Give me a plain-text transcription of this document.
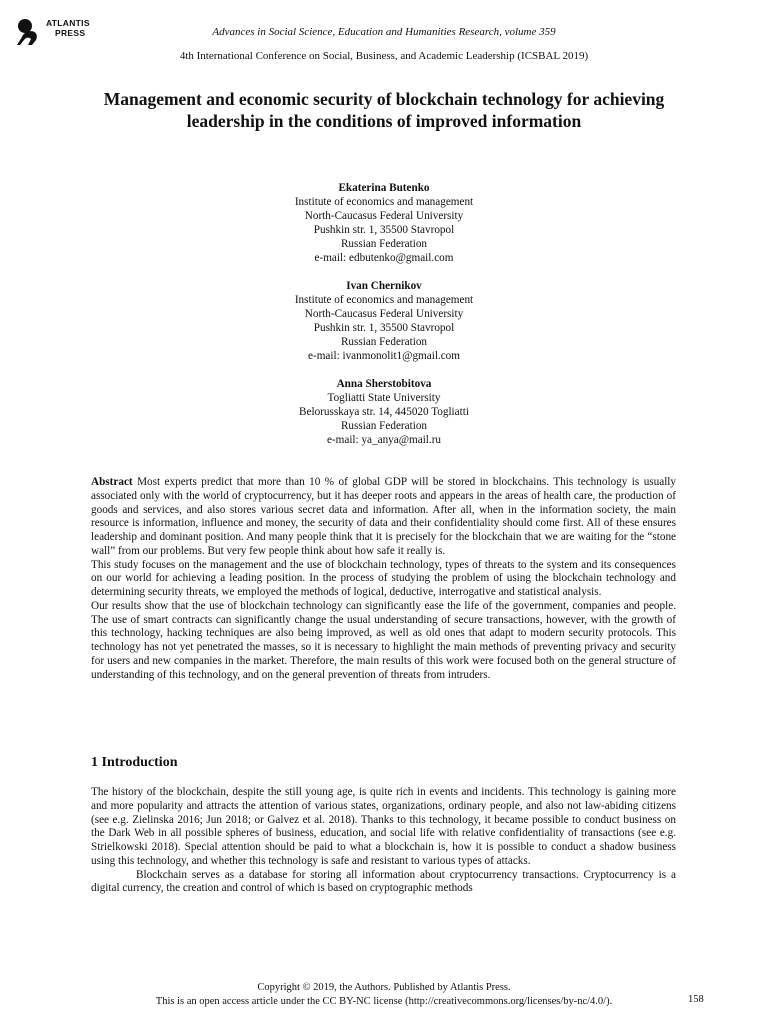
ATLANTIS
PRESS	Advances in Social Science, Education and Humanities Research, volume 359
4th International Conference on Social, Business, and Academic Leadership (ICSBAL 2019)
Management and economic security of blockchain technology for achieving leadership in the conditions of improved information
Ekaterina Butenko
Institute of economics and management
North-Caucasus Federal University
Pushkin str. 1, 35500 Stavropol
Russian Federation
e-mail: edbutenko@gmail.com
Ivan Chernikov
Institute of economics and management
North-Caucasus Federal University
Pushkin str. 1, 35500 Stavropol
Russian Federation
e-mail: ivanmonolit1@gmail.com
Anna Sherstobitova
Togliatti State University
Belorusskaya str. 14, 445020 Togliatti
Russian Federation
e-mail: ya_anya@mail.ru

Abstract Most experts predict that more than 10 % of global GDP will be stored in blockchains. This technology is usually associated only with the world of cryptocurrency, but it has deeper roots and appears in the areas of health care, the production of goods and services, and also stores various secret data and information. After all, when in the information society, the main resource is information, influence and money, the security of data and their confidentiality should come first. All of these ensures leadership and dominant position. And many people think that it is precisely for the blockchain that we are waiting for the “stone wall” from our problems. But very few people think about how safe it really is.

This study focuses on the management and the use of blockchain technology, types of threats to the system and its consequences on our world for achieving a leading position. In the process of studying the problem of using the blockchain technology and determining security threats, we employed the methods of logical, deductive, interrogative and statistical analysis.

Our results show that the use of blockchain technology can significantly ease the life of the government, companies and people. The use of smart contracts can significantly change the usual understanding of secure transactions, however, with the growth of this technology, hacking techniques are also being improved, as well as old ones that adapt to modern security protocols. This technology has not yet penetrated the masses, so it is necessary to highlight the main methods of preventing privacy and security for users and new companies in the market. Therefore, the main results of this work were focused both on the general structure of understanding of this technology, and on the general prevention of threats from intruders.

1 Introduction

The history of the blockchain, despite the still young age, is quite rich in events and incidents. This technology is gaining more and more popularity and attracts the attention of various states, organizations, ordinary people, and also not law-abiding citizens (see e.g. Zielinska 2016; Jun 2018; or Galvez et al. 2018). Thanks to this technology, it became possible to conduct business on the Dark Web in all possible spheres of business, education, and social life with relative confidentiality of transactions (see e.g. Strielkowski 2018). Special attention should be paid to what a blockchain is, how it is possible to conduct a shadow business using this technology, and whether this technology is safe and resistant to various types of attacks.

Blockchain serves as a database for storing all information about cryptocurrency transactions. Cryptocurrency is a digital currency, the creation and control of which is based on cryptographic methods

Copyright © 2019, the Authors. Published by Atlantis Press.
This is an open access article under the CC BY-NC license (http://creativecommons.org/licenses/by-nc/4.0/).	158
